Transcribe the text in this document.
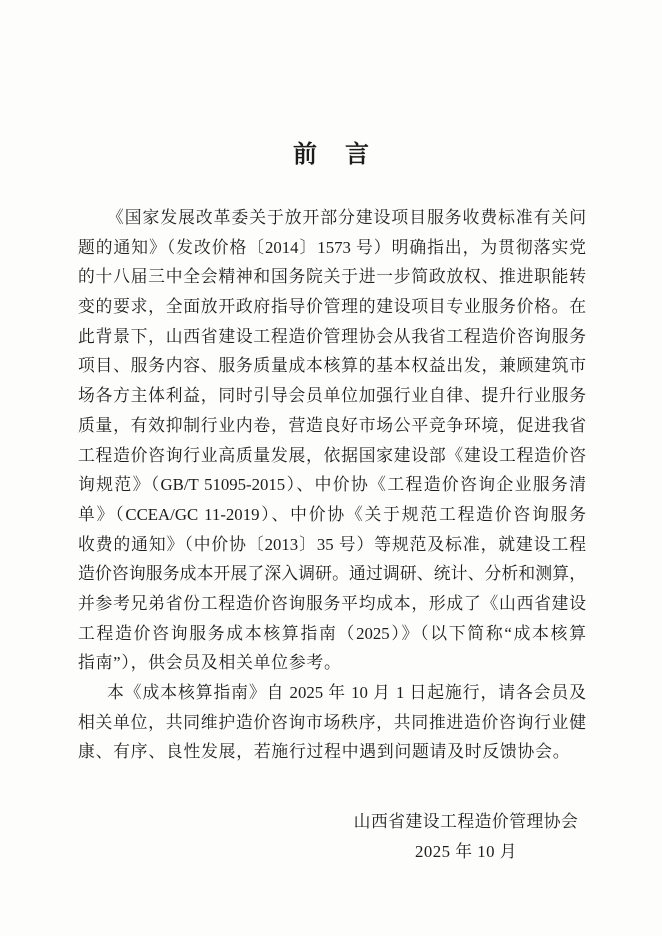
前 言
《国家发展改革委关于放开部分建设项目服务收费标准有关问
题的通知》（发改价格〔2014〕1573 号）明确指出，为贯彻落实党
的十八届三中全会精神和国务院关于进一步简政放权、推进职能转
变的要求，全面放开政府指导价管理的建设项目专业服务价格。在
此背景下，山西省建设工程造价管理协会从我省工程造价咨询服务
项目、服务内容、服务质量成本核算的基本权益出发，兼顾建筑市
场各方主体利益，同时引导会员单位加强行业自律、提升行业服务
质量，有效抑制行业内卷，营造良好市场公平竞争环境，促进我省
工程造价咨询行业高质量发展，依据国家建设部《建设工程造价咨
询规范》（GB/T 51095-2015）、中价协《工程造价咨询企业服务清
单》（CCEA/GC 11-2019）、中价协《关于规范工程造价咨询服务
收费的通知》（中价协〔2013〕35 号）等规范及标准，就建设工程
造价咨询服务成本开展了深入调研。通过调研、统计、分析和测算，
并参考兄弟省份工程造价咨询服务平均成本，形成了《山西省建设
工程造价咨询服务成本核算指南（2025）》（以下简称“成本核算
指南”），供会员及相关单位参考。
本《成本核算指南》自 2025 年 10 月 1 日起施行，请各会员及
相关单位，共同维护造价咨询市场秩序，共同推进造价咨询行业健
康、有序、良性发展，若施行过程中遇到问题请及时反馈协会。
山西省建设工程造价管理协会
2025 年 10 月
